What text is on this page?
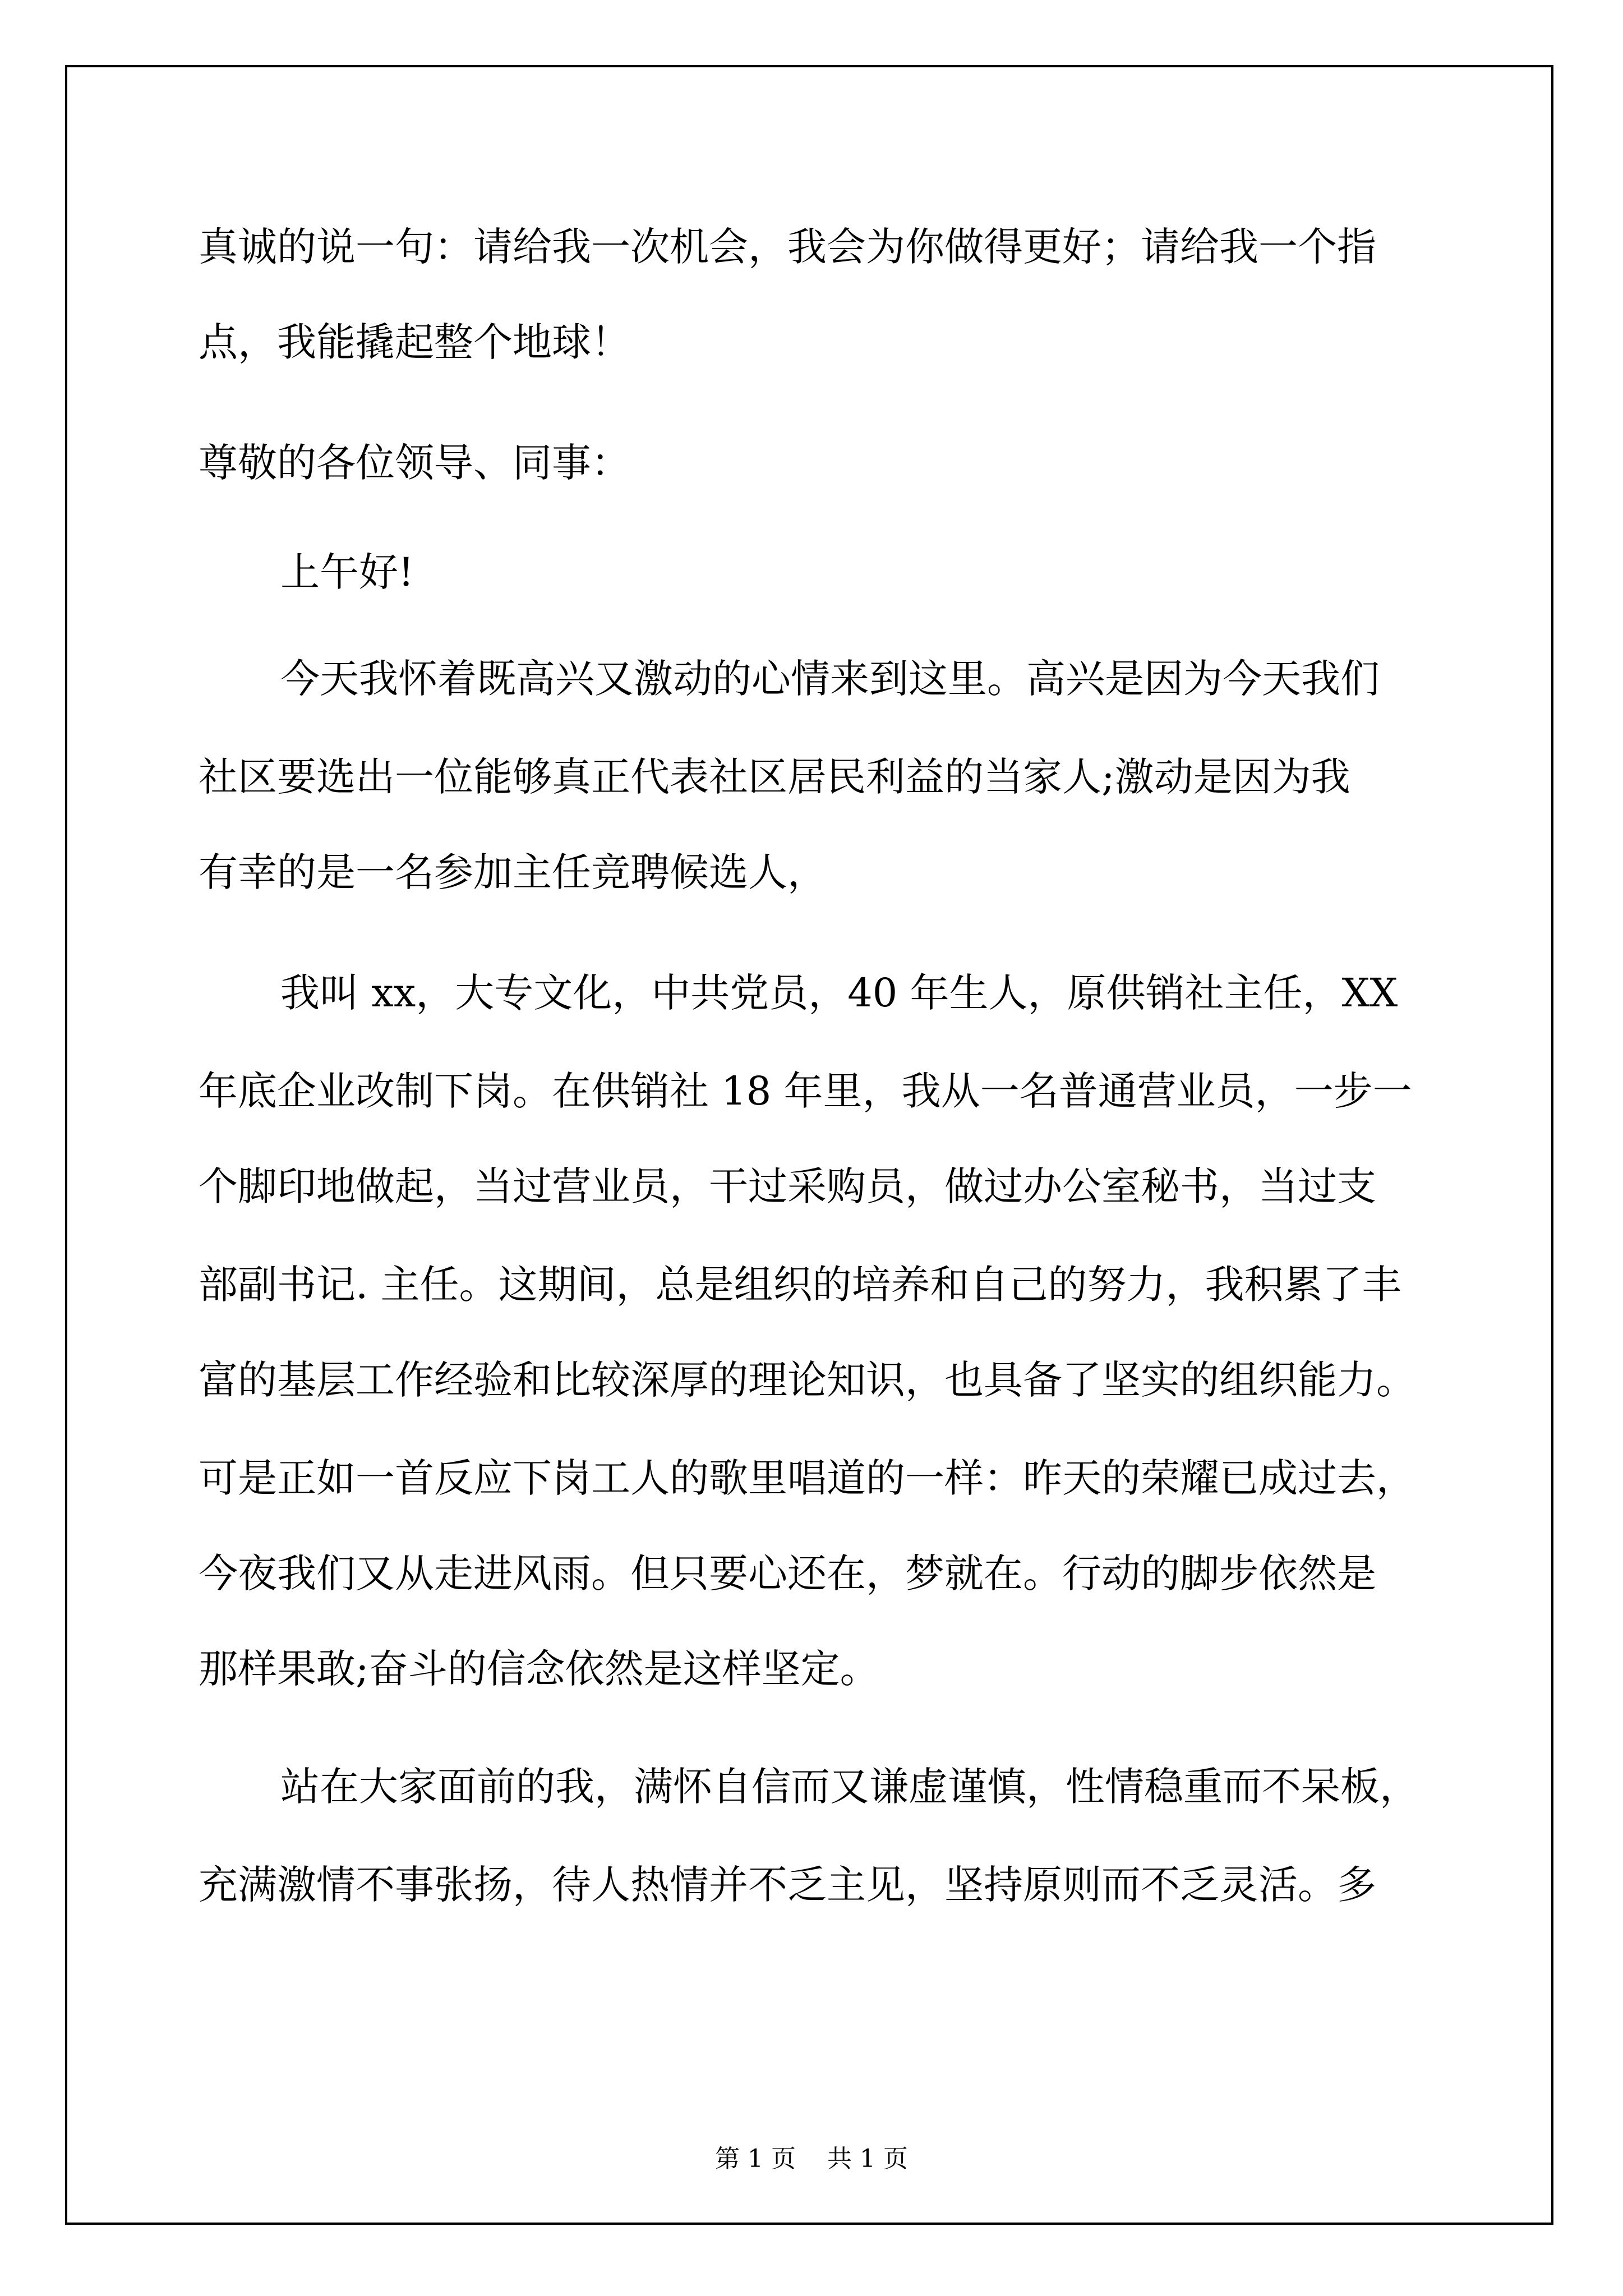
真诚的说一句：请给我一次机会，我会为你做得更好；请给我一个指

点，我能撬起整个地球！

尊敬的各位领导、同事：

上午好!

今天我怀着既高兴又激动的心情来到这里。高兴是因为今天我们

社区要选出一位能够真正代表社区居民利益的当家人;激动是因为我

有幸的是一名参加主任竞聘候选人，

我叫 xx，大专文化，中共党员，40 年生人，原供销社主任，XX

年底企业改制下岗。在供销社 18 年里，我从一名普通营业员，一步一

个脚印地做起，当过营业员，干过采购员，做过办公室秘书，当过支

部副书记. 主任。这期间，总是组织的培养和自己的努力，我积累了丰

富的基层工作经验和比较深厚的理论知识，也具备了坚实的组织能力。

可是正如一首反应下岗工人的歌里唱道的一样：昨天的荣耀已成过去，

今夜我们又从走进风雨。但只要心还在，梦就在。行动的脚步依然是

那样果敢;奋斗的信念依然是这样坚定。

站在大家面前的我，满怀自信而又谦虚谨慎，性情稳重而不呆板，

充满激情不事张扬，待人热情并不乏主见，坚持原则而不乏灵活。多

第 1 页    共 1 页
